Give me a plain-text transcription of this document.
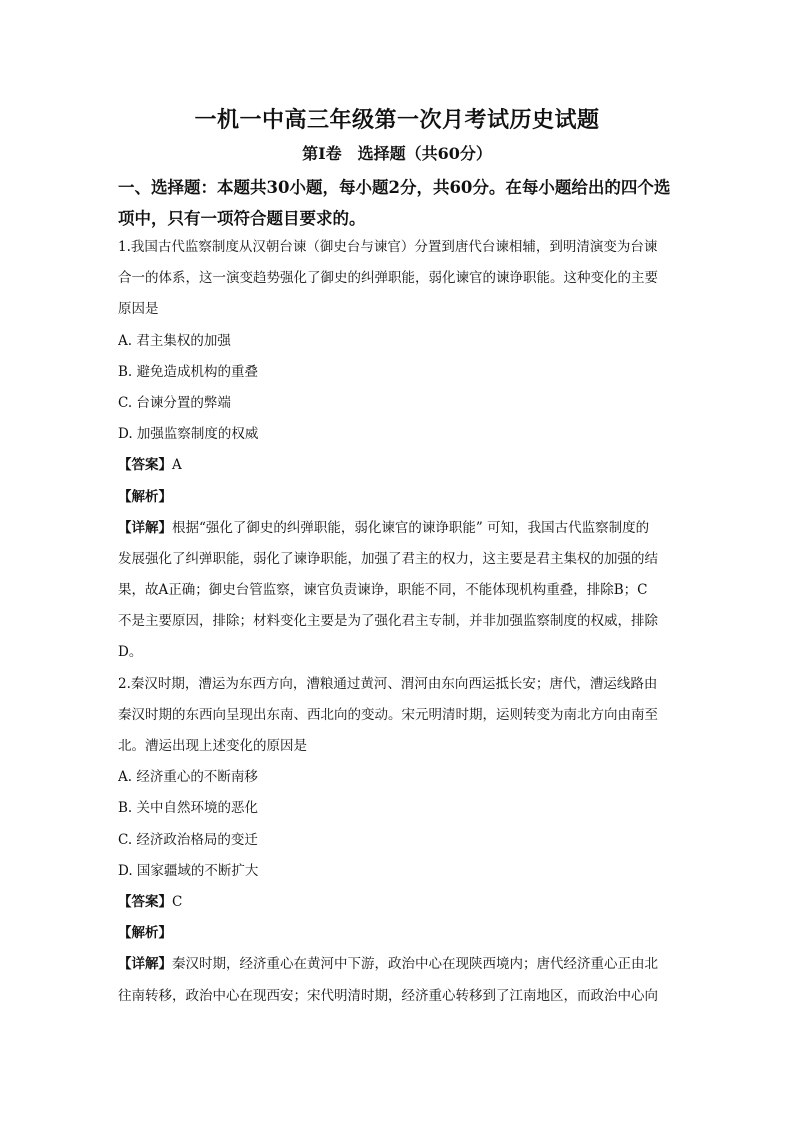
一机一中高三年级第一次月考试历史试题
第Ⅰ卷　选择题（共60分）
一、选择题：本题共30小题，每小题2分，共60分。在每小题给出的四个选
项中，只有一项符合题目要求的。
1.我国古代监察制度从汉朝台谏（御史台与谏官）分置到唐代台谏相辅，到明清演变为台谏
合一的体系，这一演变趋势强化了御史的纠弹职能，弱化谏官的谏诤职能。这种变化的主要
原因是
A. 君主集权的加强
B. 避免造成机构的重叠
C. 台谏分置的弊端
D. 加强监察制度的权威
【答案】A
【解析】
【详解】根据“强化了御史的纠弹职能，弱化谏官的谏诤职能” 可知，我国古代监察制度的
发展强化了纠弹职能，弱化了谏诤职能，加强了君主的权力，这主要是君主集权的加强的结
果，故A正确；御史台管监察，谏官负责谏诤，职能不同，不能体现机构重叠，排除B；C
不是主要原因，排除；材料变化主要是为了强化君主专制，并非加强监察制度的权威，排除
D。
2.秦汉时期，漕运为东西方向，漕粮通过黄河、渭河由东向西运抵长安；唐代，漕运线路由
秦汉时期的东西向呈现出东南、西北向的变动。宋元明清时期，运则转变为南北方向由南至
北。漕运出现上述变化的原因是
A. 经济重心的不断南移
B. 关中自然环境的恶化
C. 经济政治格局的变迁
D. 国家疆域的不断扩大
【答案】C
【解析】
【详解】秦汉时期，经济重心在黄河中下游，政治中心在现陕西境内；唐代经济重心正由北
往南转移，政治中心在现西安；宋代明清时期，经济重心转移到了江南地区，而政治中心向
